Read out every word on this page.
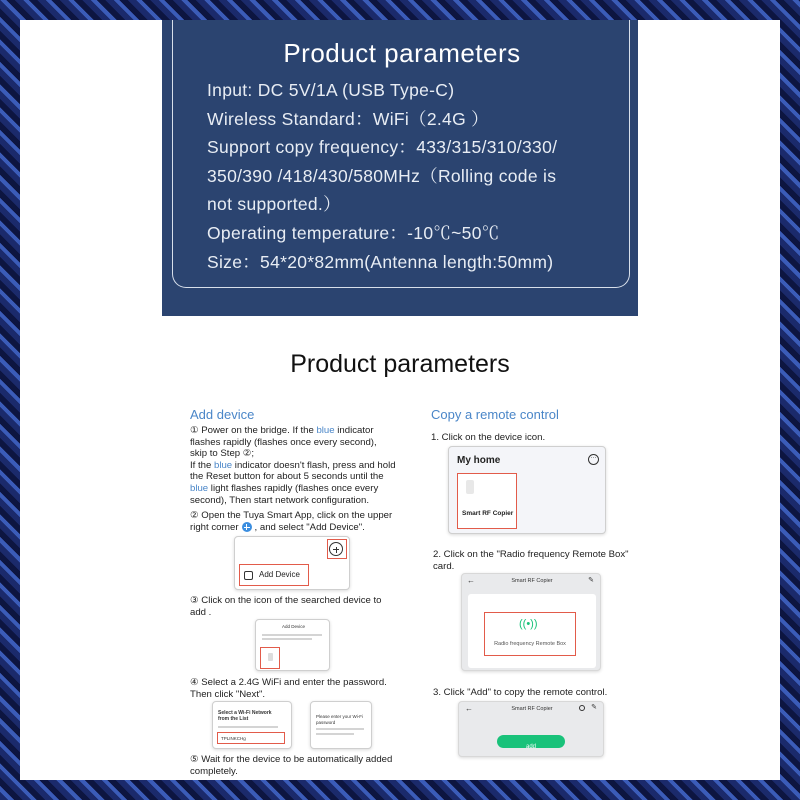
Product parameters
Input: DC 5V/1A (USB Type-C)
Wireless Standard：WiFi（2.4G ）
Support copy frequency：433/315/310/330/
350/390 /418/430/580MHz（Rolling code is
not supported.）
Operating temperature：-10℃~50℃
Size：54*20*82mm(Antenna length:50mm)
Product parameters
Add device
① Power on the bridge. If the blue indicator
flashes rapidly (flashes once every second),
skip to Step ②;
If the blue indicator doesn't flash, press and hold
the Reset button for about 5 seconds until the
blue light flashes rapidly (flashes once every
second), Then start network configuration.
② Open the Tuya Smart App, click on the upper
right corner , and select "Add Device".
Add Device
③ Click on the icon of the searched device to
add .
Add Device
④ Select a 2.4G WiFi and enter the password.
Then click "Next".
Select a Wi-Fi Network from the List
TPLINKCHg
Please enter your Wi-Fi password
⑤ Wait for the device to be automatically added
completely.
Copy a remote control
1. Click on the device icon.
My home	···
Smart RF Copier
2. Click on the "Radio frequency Remote Box"
card.
←	Smart RF Copier	✎
((•))
Radio frequency Remote Box
3. Click "Add" to copy the remote control.
←	Smart RF Copier	✎
add
